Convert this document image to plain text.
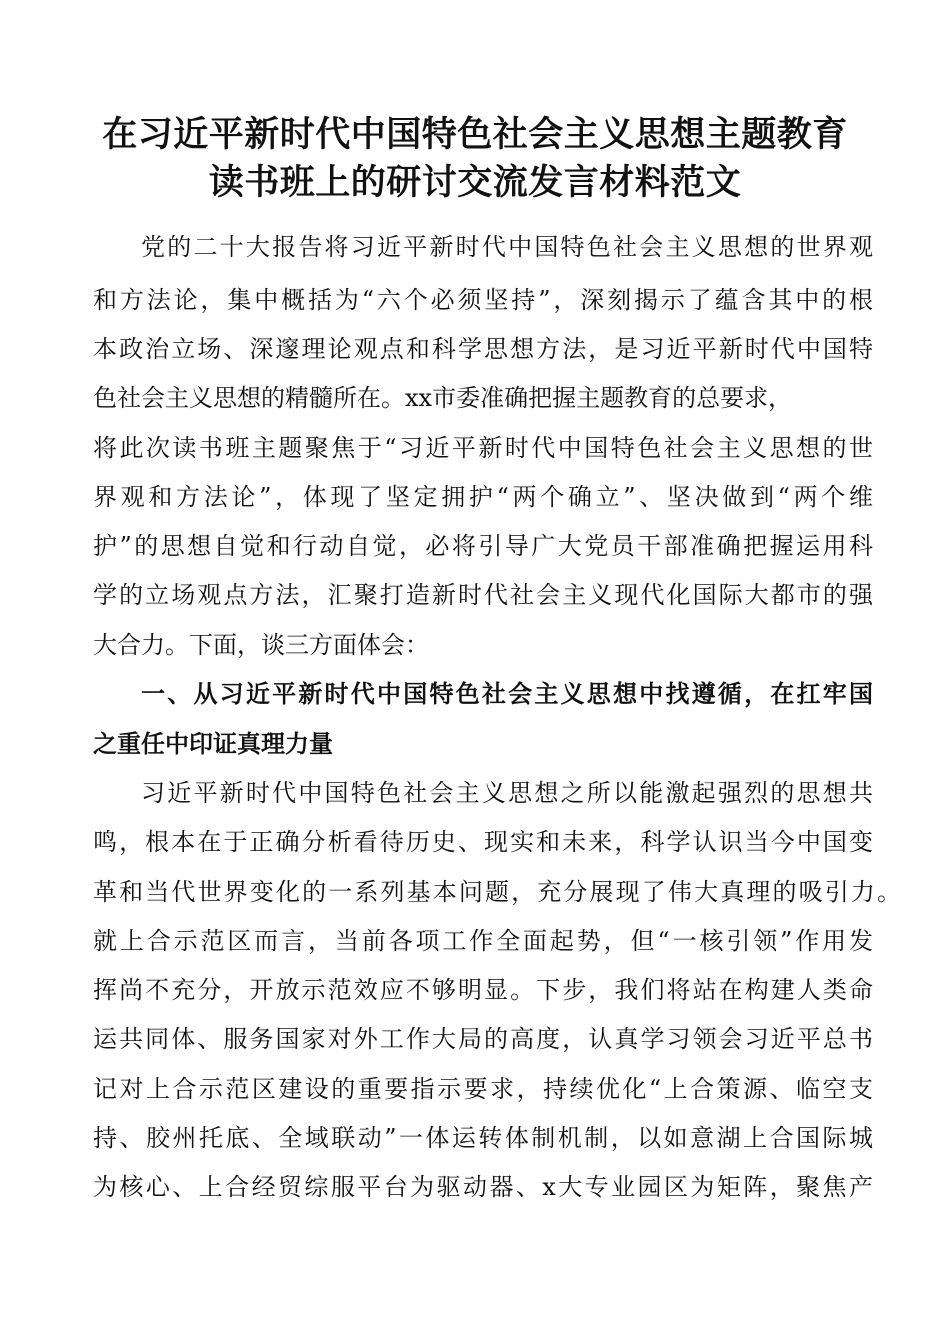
在习近平新时代中国特色社会主义思想主题教育
读书班上的研讨交流发言材料范文
党的二十大报告将习近平新时代中国特色社会主义思想的世界观
和方法论，集中概括为“六个必须坚持”，深刻揭示了蕴含其中的根
本政治立场、深邃理论观点和科学思想方法，是习近平新时代中国特
色社会主义思想的精髓所在。xx市委准确把握主题教育的总要求，
将此次读书班主题聚焦于“习近平新时代中国特色社会主义思想的世
界观和方法论”，体现了坚定拥护“两个确立”、坚决做到“两个维
护”的思想自觉和行动自觉，必将引导广大党员干部准确把握运用科
学的立场观点方法，汇聚打造新时代社会主义现代化国际大都市的强
大合力。下面，谈三方面体会：
一、从习近平新时代中国特色社会主义思想中找遵循，在扛牢国
之重任中印证真理力量
习近平新时代中国特色社会主义思想之所以能激起强烈的思想共
鸣，根本在于正确分析看待历史、现实和未来，科学认识当今中国变
革和当代世界变化的一系列基本问题，充分展现了伟大真理的吸引力。
就上合示范区而言，当前各项工作全面起势，但“一核引领”作用发
挥尚不充分，开放示范效应不够明显。下步，我们将站在构建人类命
运共同体、服务国家对外工作大局的高度，认真学习领会习近平总书
记对上合示范区建设的重要指示要求，持续优化“上合策源、临空支
持、胶州托底、全域联动”一体运转体制机制，以如意湖上合国际城
为核心、上合经贸综服平台为驱动器、x大专业园区为矩阵，聚焦产
